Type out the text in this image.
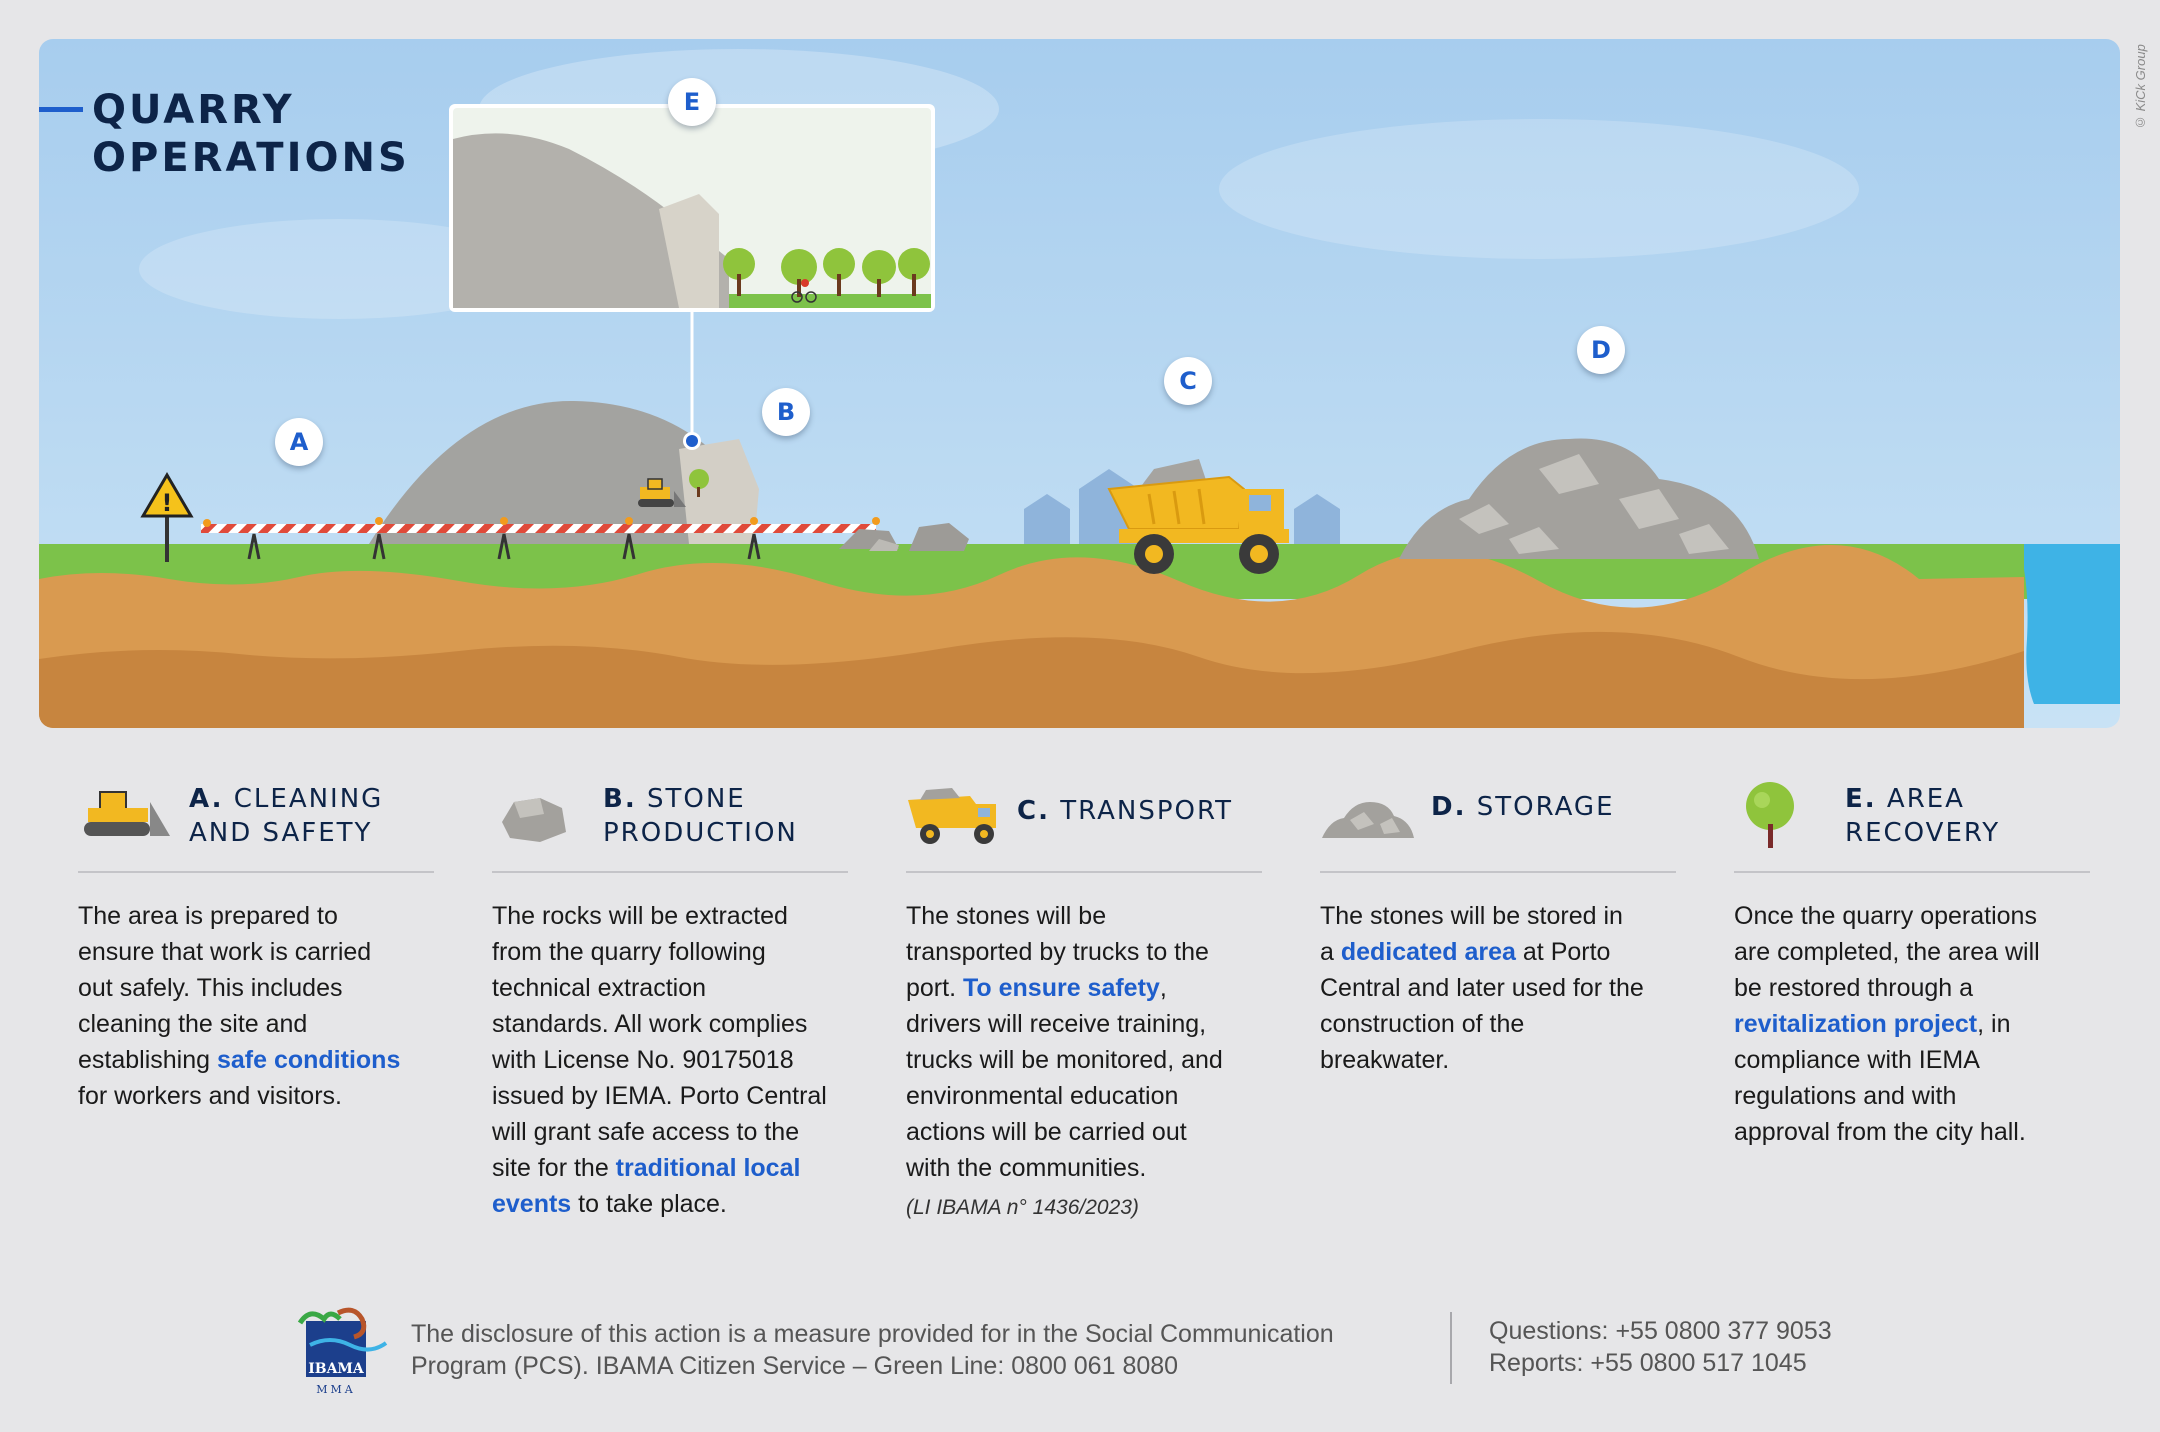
!
QUARRY
OPERATIONS
© KiCk Group
A
B
C
D
E
A. CLEANING
AND SAFETY
The area is prepared to
ensure that work is carried
out safely. This includes
cleaning the site and
establishing safe conditions
for workers and visitors.
B. STONE
PRODUCTION
The rocks will be extracted
from the quarry following
technical extraction
standards. All work complies
with License No. 90175018
issued by IEMA. Porto Central
will grant safe access to the
site for the traditional local
events to take place.
C. TRANSPORT
The stones will be
transported by trucks to the
port. To ensure safety,
drivers will receive training,
trucks will be monitored, and
environmental education
actions will be carried out
with the communities.
(LI IBAMA n° 1436/2023)
D. STORAGE
The stones will be stored in
a dedicated area at Porto
Central and later used for the
construction of the
breakwater.
E. AREA RECOVERY
Once the quarry operations
are completed, the area will
be restored through a
revitalization project, in
compliance with IEMA
regulations and with
approval from the city hall.
IBAMA
MMA
The disclosure of this action is a measure provided for in the Social Communication
Program (PCS). IBAMA Citizen Service – Green Line: 0800 061 8080
Questions: +55 0800 377 9053
Reports: +55 0800 517 1045
